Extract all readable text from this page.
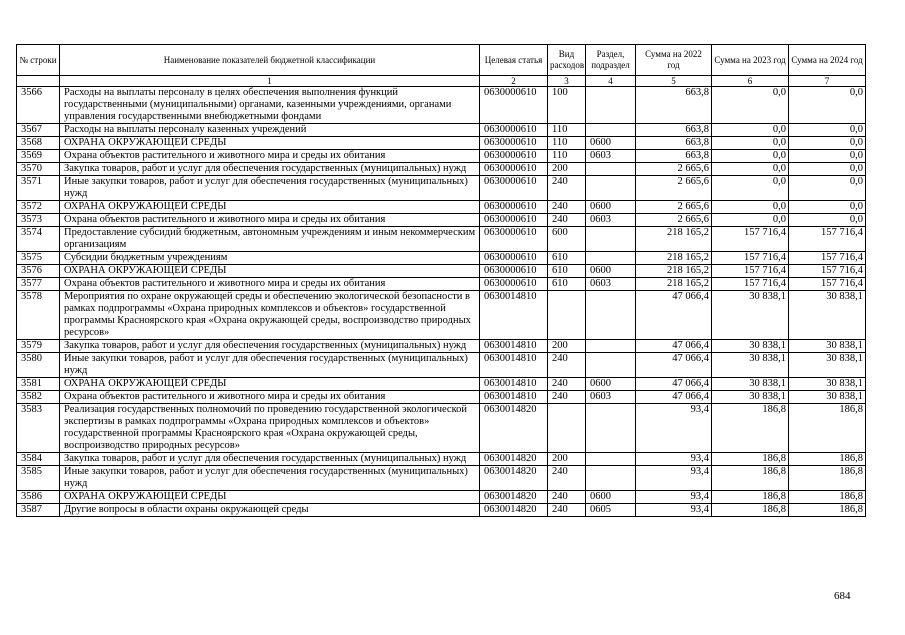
№ строки	Наименование показателей бюджетной классификации	Целевая статья	Вид расходов	Раздел, подраздел	Сумма на 2022 год	Сумма на 2023 год	Сумма на 2024 год
	1	2	3	4	5	6	7
3566	Расходы на выплаты персоналу в целях обеспечения выполнения функций государственными (муниципальными) органами, казенными учреждениями, органами управления государственными внебюджетными фондами	0630000610	100		663,8	0,0	0,0
3567	Расходы на выплаты персоналу казенных учреждений	0630000610	110		663,8	0,0	0,0
3568	ОХРАНА ОКРУЖАЮЩЕЙ СРЕДЫ	0630000610	110	0600	663,8	0,0	0,0
3569	Охрана объектов растительного и животного мира и среды их обитания	0630000610	110	0603	663,8	0,0	0,0
3570	Закупка товаров, работ и услуг для обеспечения государственных (муниципальных) нужд	0630000610	200		2 665,6	0,0	0,0
3571	Иные закупки товаров, работ и услуг для обеспечения государственных (муниципальных) нужд	0630000610	240		2 665,6	0,0	0,0
3572	ОХРАНА ОКРУЖАЮЩЕЙ СРЕДЫ	0630000610	240	0600	2 665,6	0,0	0,0
3573	Охрана объектов растительного и животного мира и среды их обитания	0630000610	240	0603	2 665,6	0,0	0,0
3574	Предоставление субсидий бюджетным, автономным учреждениям и иным некоммерческим организациям	0630000610	600		218 165,2	157 716,4	157 716,4
3575	Субсидии бюджетным учреждениям	0630000610	610		218 165,2	157 716,4	157 716,4
3576	ОХРАНА ОКРУЖАЮЩЕЙ СРЕДЫ	0630000610	610	0600	218 165,2	157 716,4	157 716,4
3577	Охрана объектов растительного и животного мира и среды их обитания	0630000610	610	0603	218 165,2	157 716,4	157 716,4
3578	Мероприятия по охране окружающей среды и обеспечению экологической безопасности в рамках подпрограммы «Охрана природных комплексов и объектов» государственной программы Красноярского края «Охрана окружающей среды, воспроизводство природных ресурсов»	0630014810			47 066,4	30 838,1	30 838,1
3579	Закупка товаров, работ и услуг для обеспечения государственных (муниципальных) нужд	0630014810	200		47 066,4	30 838,1	30 838,1
3580	Иные закупки товаров, работ и услуг для обеспечения государственных (муниципальных) нужд	0630014810	240		47 066,4	30 838,1	30 838,1
3581	ОХРАНА ОКРУЖАЮЩЕЙ СРЕДЫ	0630014810	240	0600	47 066,4	30 838,1	30 838,1
3582	Охрана объектов растительного и животного мира и среды их обитания	0630014810	240	0603	47 066,4	30 838,1	30 838,1
3583	Реализация государственных полномочий по проведению государственной экологической экспертизы в рамках подпрограммы «Охрана природных комплексов и объектов» государственной программы Красноярского края «Охрана окружающей среды, воспроизводство природных ресурсов»	0630014820			93,4	186,8	186,8
3584	Закупка товаров, работ и услуг для обеспечения государственных (муниципальных) нужд	0630014820	200		93,4	186,8	186,8
3585	Иные закупки товаров, работ и услуг для обеспечения государственных (муниципальных) нужд	0630014820	240		93,4	186,8	186,8
3586	ОХРАНА ОКРУЖАЮЩЕЙ СРЕДЫ	0630014820	240	0600	93,4	186,8	186,8
3587	Другие вопросы в области охраны окружающей среды	0630014820	240	0605	93,4	186,8	186,8
684
